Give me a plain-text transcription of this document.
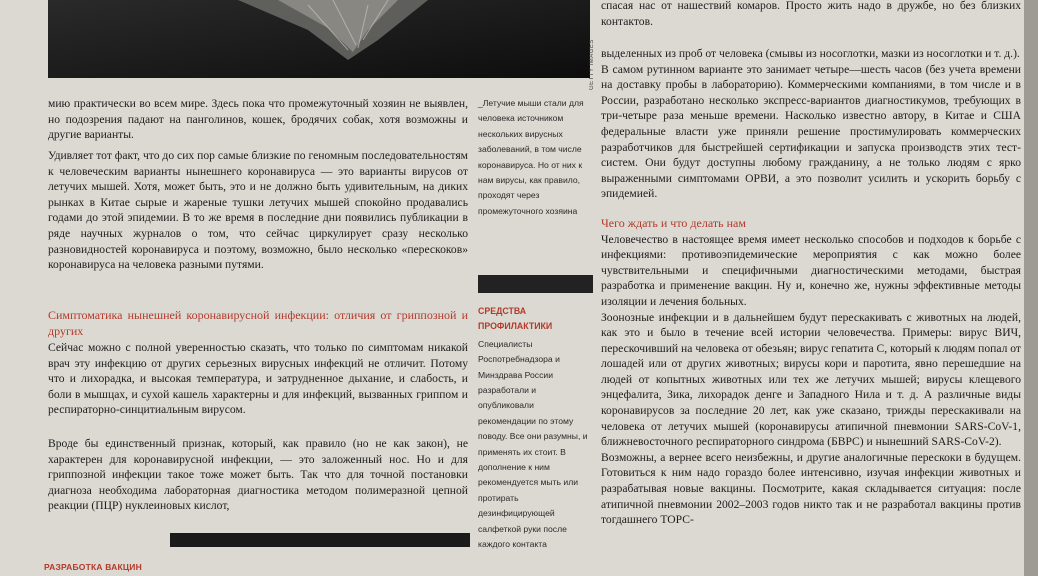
GETTY IMAGES

мию практически во всем мире. Здесь пока что промежуточный хозяин не выявлен, но подозрения падают на панголинов, кошек, бродячих собак, хотя возможны и другие варианты.

Удивляет тот факт, что до сих пор самые близкие по геномным последовательностям к человеческим варианты нынешнего коронавируса — это варианты вирусов от летучих мышей. Хотя, может быть, это и не должно быть удивительным, на диких рынках в Китае сырые и жареные тушки летучих мышей спокойно продавались годами до этой эпидемии. В то же время в последние дни появились публикации в ряде научных журналов о том, что сейчас циркулирует сразу несколько разновидностей коронавируса и поэтому, возможно, было несколько «перескоков» коронавируса на человека разными путями.

Симптоматика нынешней коронавирусной инфекции: отличия от гриппозной и других

Сейчас можно с полной уверенностью сказать, что только по симптомам никакой врач эту инфекцию от других серьезных вирусных инфекций не отличит. Потому что и лихорадка, и высокая температура, и затрудненное дыхание, и слабость, и боли в мышцах, и сухой кашель характерны и для инфекций, вызванных гриппом и респираторно-синцитиальным вирусом.

Вроде бы единственный признак, который, как правило (но не как закон), не характерен для коронавирусной инфекции, — это заложенный нос. Но и для гриппозной инфекции такое тоже может быть. Так что для точной постановки диагноза необходима лабораторная диагностика методом полимеразной цепной реакции (ПЦР) нуклеиновых кислот,

РАЗРАБОТКА ВАКЦИН

_Летучие мыши стали для человека источником нескольких вирусных заболеваний, в том числе коронавируса. Но от них к нам вирусы, как правило, проходят через промежуточного хозяина

СРЕДСТВА ПРОФИЛАКТИКИ

Специалисты Роспотребнадзора и Минздрава России разработали и опубликовали рекомендации по этому поводу. Все они разумны, и применять их стоит. В дополнение к ним рекомендуется мыть или протирать дезинфицирующей салфеткой руки после каждого контакта

спасая нас от нашествий комаров. Просто жить надо в дружбе, но без близких контактов.

выделенных из проб от человека (смывы из носоглотки, мазки из носоглотки и т. д.).

В самом рутинном варианте это занимает четыре—шесть часов (без учета времени на доставку пробы в лабораторию). Коммерческими компаниями, в том числе и в России, разработано несколько экспресс-вариантов диагностикумов, требующих в три-четыре раза меньше времени. Насколько известно автору, в Китае и США федеральные власти уже приняли решение простимулировать коммерческих разработчиков для быстрейшей сертификации и запуска производств этих тест-систем. Они будут доступны любому гражданину, а не только людям с ярко выраженными симптомами ОРВИ, а это позволит усилить и ускорить борьбу с эпидемией.

Чего ждать и что делать нам

Человечество в настоящее время имеет несколько способов и подходов к борьбе с инфекциями: противоэпидемические мероприятия с как можно более чувствительными и специфичными диагностическими методами, быстрая разработка и применение вакцин. Ну и, конечно же, нужны эффективные методы изоляции и лечения больных.

Зоонозные инфекции и в дальнейшем будут перескакивать с животных на людей, как это и было в течение всей истории человечества. Примеры: вирус ВИЧ, перескочивший на человека от обезьян; вирус гепатита С, который к людям попал от лошадей или от других животных; вирусы кори и паротита, явно перешедшие на людей от копытных животных или тех же летучих мышей; вирусы клещевого энцефалита, Зика, лихорадок денге и Западного Нила и т. д. А различные виды коронавирусов за последние 20 лет, как уже сказано, трижды перескакивали на человека от летучих мышей (коронавирусы атипичной пневмонии SARS-CoV-1, ближневосточного респираторного синдрома (БВРС) и нынешний SARS-CoV-2).

Возможны, а вернее всего неизбежны, и другие аналогичные перескоки в будущем. Готовиться к ним надо гораздо более интенсивно, изучая инфекции животных и разрабатывая новые вакцины. Посмотрите, какая складывается ситуация: после атипичной пневмонии 2002–2003 годов никто так и не разработал вакцины против тогдашнего ТОРС-
